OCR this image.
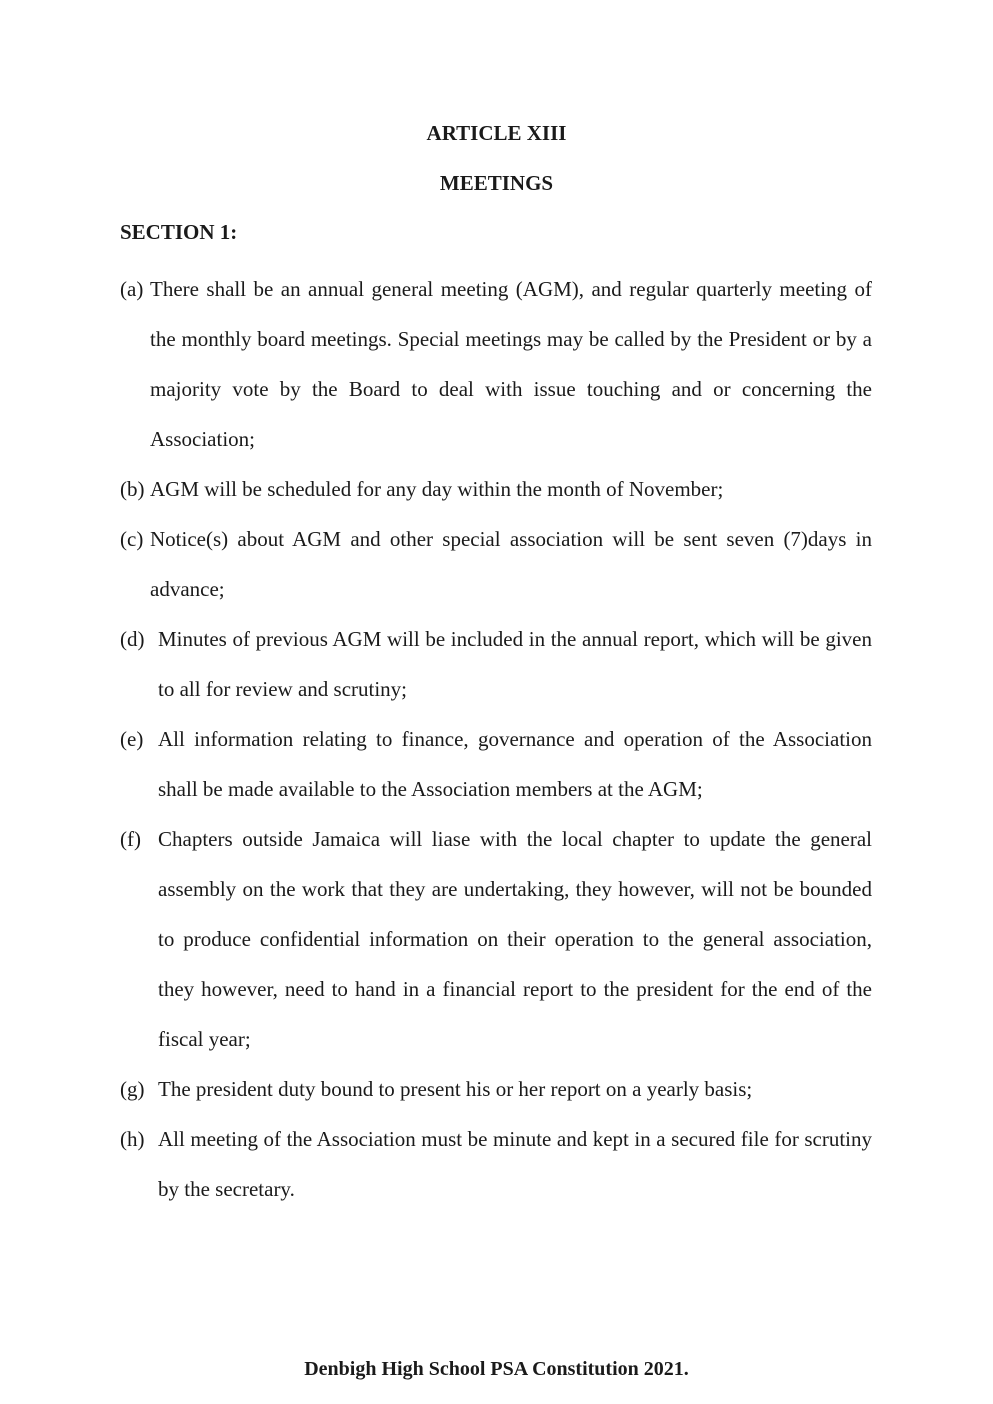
ARTICLE XIII
MEETINGS
SECTION 1:
(a) There shall be an annual general meeting (AGM), and regular quarterly meeting of the monthly board meetings. Special meetings may be called by the President or by a majority vote by the Board to deal with issue touching and or concerning the Association;
(b) AGM will be scheduled for any day within the month of November;
(c) Notice(s) about AGM and other special association will be sent seven (7)days in advance;
(d) Minutes of previous AGM will be included in the annual report, which will be given to all for review and scrutiny;
(e) All information relating to finance, governance and operation of the Association shall be made available to the Association members at the AGM;
(f) Chapters outside Jamaica will liase with the local chapter to update the general assembly on the work that they are undertaking, they however, will not be bounded to produce confidential information on their operation to the general association, they however, need to hand in a financial report to the president for the end of the fiscal year;
(g) The president duty bound to present his or her report on a yearly basis;
(h) All meeting of the Association must be minute and kept in a secured file for scrutiny by the secretary.
Denbigh High School PSA Constitution 2021.
